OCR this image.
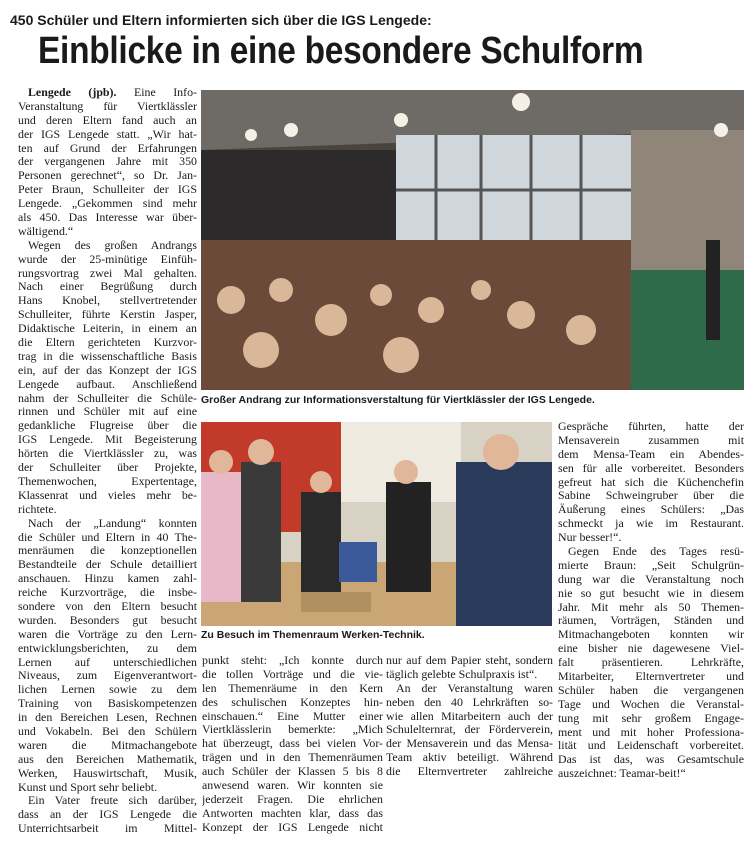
450 Schüler und Eltern informierten sich über die IGS Lengede:
Einblicke in eine besondere Schulform
Lengede (jpb). Eine Info-
Veranstaltung für Viertklässler
und deren Eltern fand auch an
der IGS Lengede statt. „Wir hat-
ten auf Grund der Erfahrungen
der vergangenen Jahre mit 350
Personen gerechnet“, so Dr. Jan-
Peter Braun, Schulleiter der IGS
Lengede. „Gekommen sind mehr
als 450. Das Interesse war über-
wältigend.“
Wegen des großen Andrangs
wurde der 25-minütige Einfüh-
rungsvortrag zwei Mal gehalten.
Nach einer Begrüßung durch
Hans Knobel, stellvertretender
Schulleiter, führte Kerstin Jasper,
Didaktische Leiterin, in einem an
die Eltern gerichteten Kurzvor-
trag in die wissenschaftliche Basis
ein, auf der das Konzept der IGS
Lengede aufbaut. Anschließend
nahm der Schulleiter die Schüle-
rinnen und Schüler mit auf eine
gedankliche Flugreise über die
IGS Lengede. Mit Begeisterung
hörten die Viertklässler zu, was
der Schulleiter über Projekte,
Themenwochen, Expertentage,
Klassenrat und vieles mehr be-
richtete.
Nach der „Landung“ konnten
die Schüler und Eltern in 40 The-
menräumen die konzeptionellen
Bestandteile der Schule detailliert
anschauen. Hinzu kamen zahl-
reiche Kurzvorträge, die insbe-
sondere von den Eltern besucht
wurden. Besonders gut besucht
waren die Vorträge zu den Lern-
entwicklungsberichten, zu dem
Lernen auf unterschiedlichen
Niveaus, zum Eigenverantwort-
lichen Lernen sowie zu dem
Training von Basiskompetenzen
in den Bereichen Lesen, Rechnen
und Vokabeln. Bei den Schülern
waren die Mitmachangebote
aus den Bereichen Mathematik,
Werken, Hauswirtschaft, Musik,
Kunst und Sport sehr beliebt.
Ein Vater freute sich darüber,
dass an der IGS Lengede die
Unterrichtsarbeit im Mittel-
punkt steht: „Ich konnte durch
die tollen Vorträge und die vie-
len Themenräume in den Kern
des schulischen Konzeptes hin-
einschauen.“ Eine Mutter einer
Viertklässlerin bemerkte: „Mich
hat überzeugt, dass bei vielen Vor-
trägen und in den Themenräumen
auch Schüler der Klassen 5 bis 8
anwesend waren. Wir konnten sie
jederzeit Fragen. Die ehrlichen
Antworten machten klar, dass das
Konzept der IGS Lengede nicht
nur auf dem Papier steht, sondern
täglich gelebte Schulpraxis ist“.
An der Veranstaltung waren
neben den 40 Lehrkräften so-
wie allen Mitarbeitern auch der
Schulelternrat, der Förderverein,
der Mensaverein und das Mensa-
Team aktiv beteiligt. Während
die Elternvertreter zahlreiche
Gespräche führten, hatte der
Mensaverein zusammen mit
dem Mensa-Team ein Abendes-
sen für alle vorbereitet. Besonders
gefreut hat sich die Küchenchefin
Sabine Schweingruber über die
Äußerung eines Schülers: „Das
schmeckt ja wie im Restaurant.
Nur besser!“.
Gegen Ende des Tages resü-
mierte Braun: „Seit Schulgrün-
dung war die Veranstaltung noch
nie so gut besucht wie in diesem
Jahr. Mit mehr als 50 Themen-
räumen, Vorträgen, Ständen und
Mitmachangeboten konnten wir
eine bisher nie dagewesene Viel-
falt präsentieren. Lehrkräfte,
Mitarbeiter, Elternvertreter und
Schüler haben die vergangenen
Tage und Wochen die Veranstal-
tung mit sehr großem Engage-
ment und mit hoher Professiona-
lität und Leidenschaft vorbereitet.
Das ist das, was Gesamtschule
auszeichnet: Teamar-beit!“
Großer Andrang zur Informationsverstaltung für Viertklässler der IGS Lengede.
Zu Besuch im Themenraum Werken-Technik.
